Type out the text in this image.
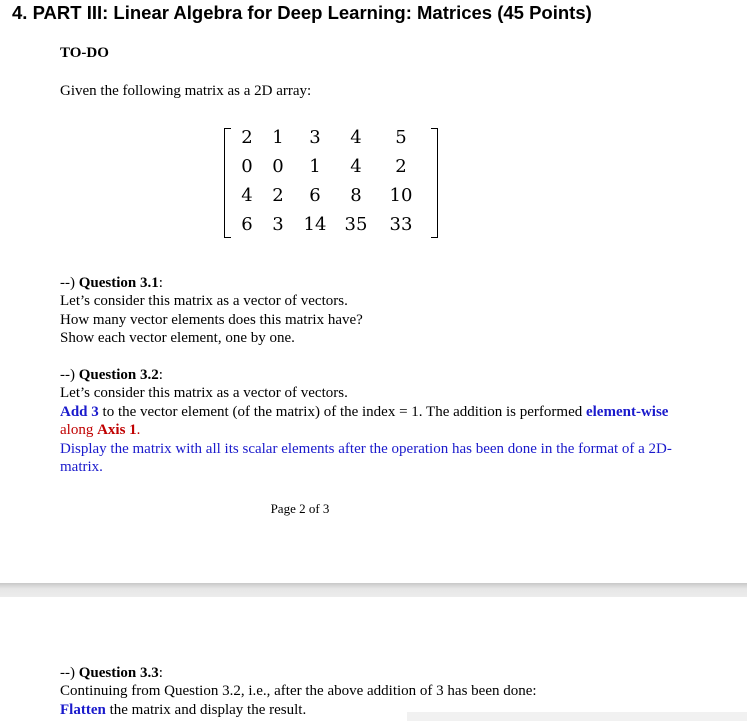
4. PART III: Linear Algebra for Deep Learning: Matrices (45 Points)
TO-DO
Given the following matrix as a 2D array:
2	1	3	4	5
0	0	1	4	2
4	2	6	8	10
6	3	14	35	33
--) Question 3.1:
Let’s consider this matrix as a vector of vectors.
How many vector elements does this matrix have?
Show each vector element, one by one.
--) Question 3.2:
Let’s consider this matrix as a vector of vectors.
Add 3 to the vector element (of the matrix) of the index = 1. The addition is performed element-wise
along Axis 1.
Display the matrix with all its scalar elements after the operation has been done in the format of a 2D-
matrix.
Page 2 of 3
--) Question 3.3:
Continuing from Question 3.2, i.e., after the above addition of 3 has been done:
Flatten the matrix and display the result.
